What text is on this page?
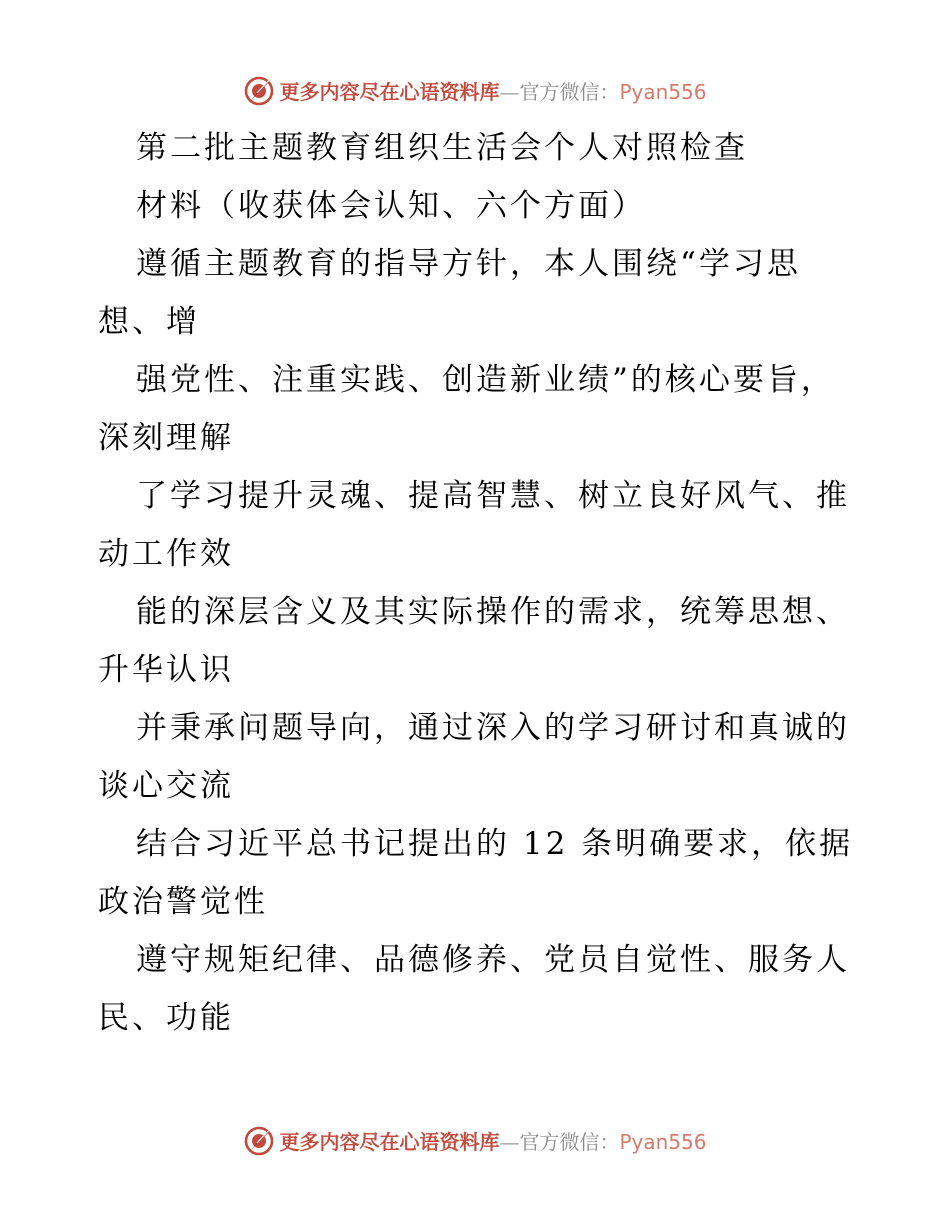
更多内容尽在心语资料库—官方微信：Pyan556
第二批主题教育组织生活会个人对照检查
材料（收获体会认知、六个方面）
遵循主题教育的指导方针，本人围绕“学习思
想、增
强党性、注重实践、创造新业绩”的核心要旨，
深刻理解
了学习提升灵魂、提高智慧、树立良好风气、推
动工作效
能的深层含义及其实际操作的需求，统筹思想、
升华认识
并秉承问题导向，通过深入的学习研讨和真诚的
谈心交流
结合习近平总书记提出的 12 条明确要求，依据
政治警觉性
遵守规矩纪律、品德修养、党员自觉性、服务人
民、功能
更多内容尽在心语资料库—官方微信：Pyan556
